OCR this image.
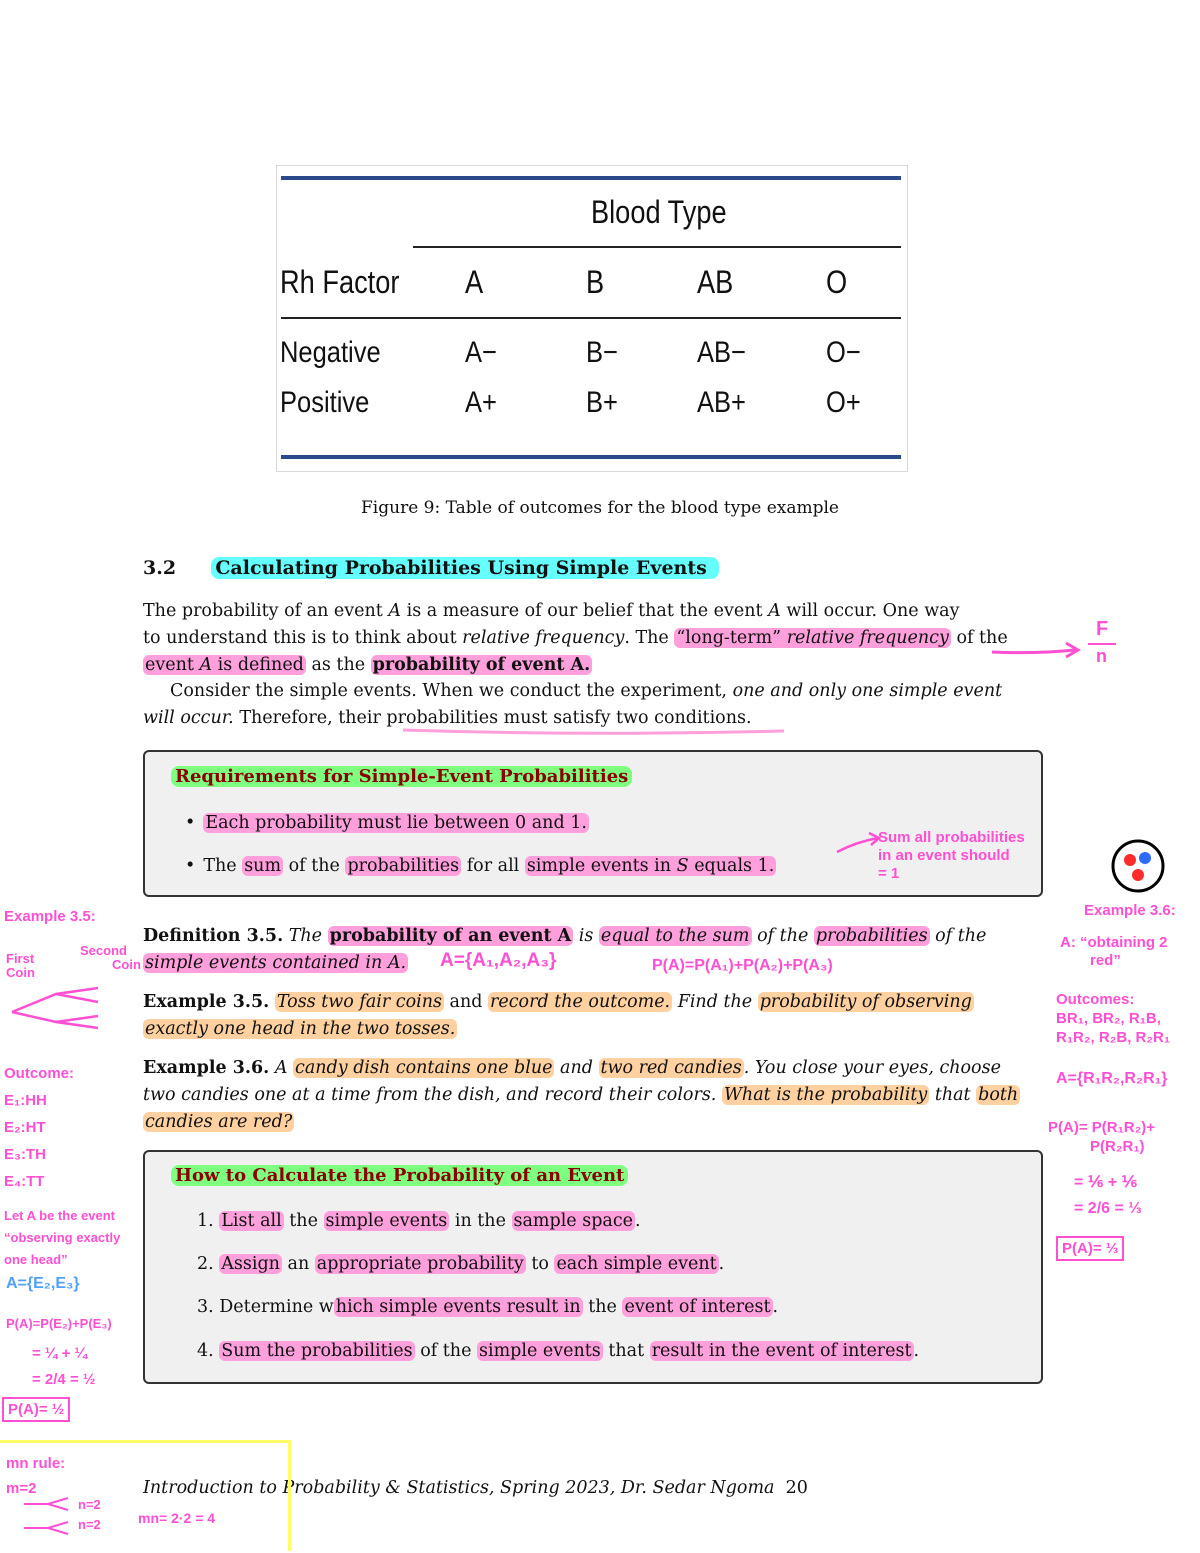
Blood Type
Rh Factor A	B	AB	O
Negative	A−	B−	AB−	O−
Positive	A+	B+	AB+	O+
Figure 9: Table of outcomes for the blood type example
3.2 Calculating Probabilities Using Simple Events
The probability of an event A is a measure of our belief that the event A will occur. One way
to understand this is to think about relative frequency. The “long-term” relative frequency of the
event A is defined as the probability of event A.
Consider the simple events. When we conduct the experiment, one and only one simple event
will occur. Therefore, their probabilities must satisfy two conditions.
Requirements for Simple-Event Probabilities
• Each probability must lie between 0 and 1.
• The sum of the probabilities for all simple events in S equals 1.
Definition 3.5. The probability of an event A is equal to the sum of the probabilities of the
simple events contained in A.
Example 3.5. Toss two fair coins and record the outcome. Find the probability of observing
exactly one head in the two tosses.
Example 3.6. A candy dish contains one blue and two red candies . You close your eyes, choose
two candies one at a time from the dish, and record their colors. What is the probability that both
candies are red?
How to Calculate the Probability of an Event
1. List all the simple events in the sample space .
2. Assign an appropriate probability to each simple event .
3. Determine w hich simple events result in the event of interest .
4. Sum the probabilities of the simple events that result in the event of interest .
Introduction to Probability & Statistics, Spring 2023, Dr. Sedar Ngoma 20
F
n
Sum all probabilities
in an event should
= 1
A={A₁,A₂,A₃}	P(A)=P(A₁)+P(A₂)+P(A₃)
Example 3.6:
A: “obtaining 2
red”
Outcomes:
BR₁, BR₂, R₁B,
R₁R₂, R₂B, R₂R₁
A={R₁R₂,R₂R₁}
P(A)= P(R₁R₂)+
P(R₂R₁)
= ⅙ + ⅙
= 2/6 = ⅓
P(A)= ⅓
Example 3.5:
First
Coin
Second
Coin
Outcome:
E₁:HH
E₂:HT
E₃:TH
E₄:TT
Let A be the event
“observing exactly
one head”
A={E₂,E₃}
P(A)=P(E₂)+P(E₃)
= ¼ + ¼
= 2/4 = ½
P(A)= ½
mn rule:
m=2
n=2
n=2	mn= 2·2 = 4
